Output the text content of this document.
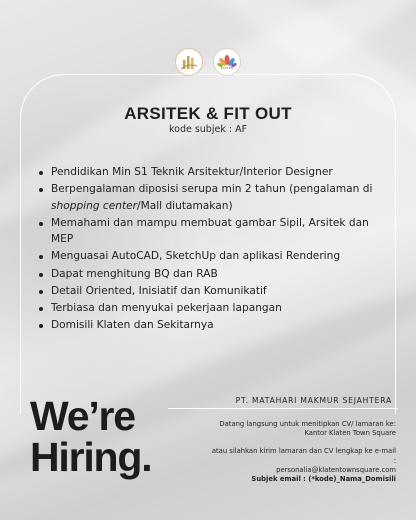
KLATEN
ARSITEK & FIT OUT
kode subjek : AF
Pendidikan Min S1 Teknik Arsitektur/Interior Designer
Berpengalaman diposisi serupa min 2 tahun (pengalaman di shopping center/Mall diutamakan)
Memahami dan mampu membuat gambar Sipil, Arsitek dan MEP
Menguasai AutoCAD, SketchUp dan aplikasi Rendering
Dapat menghitung BQ dan RAB
Detail Oriented, Inisiatif dan Komunikatif
Terbiasa dan menyukai pekerjaan lapangan
Domisili Klaten dan Sekitarnya
PT. MATAHARI MAKMUR SEJAHTERA
We’re
Hiring.
Datang langsung untuk menitipkan CV/ lamaran ke:
Kantor Klaten Town Square
atau silahkan kirim lamaran dan CV lengkap ke e-mail :
personalia@klatentownsquare.com
Subjek email : (*kode)_Nama_Domisili
